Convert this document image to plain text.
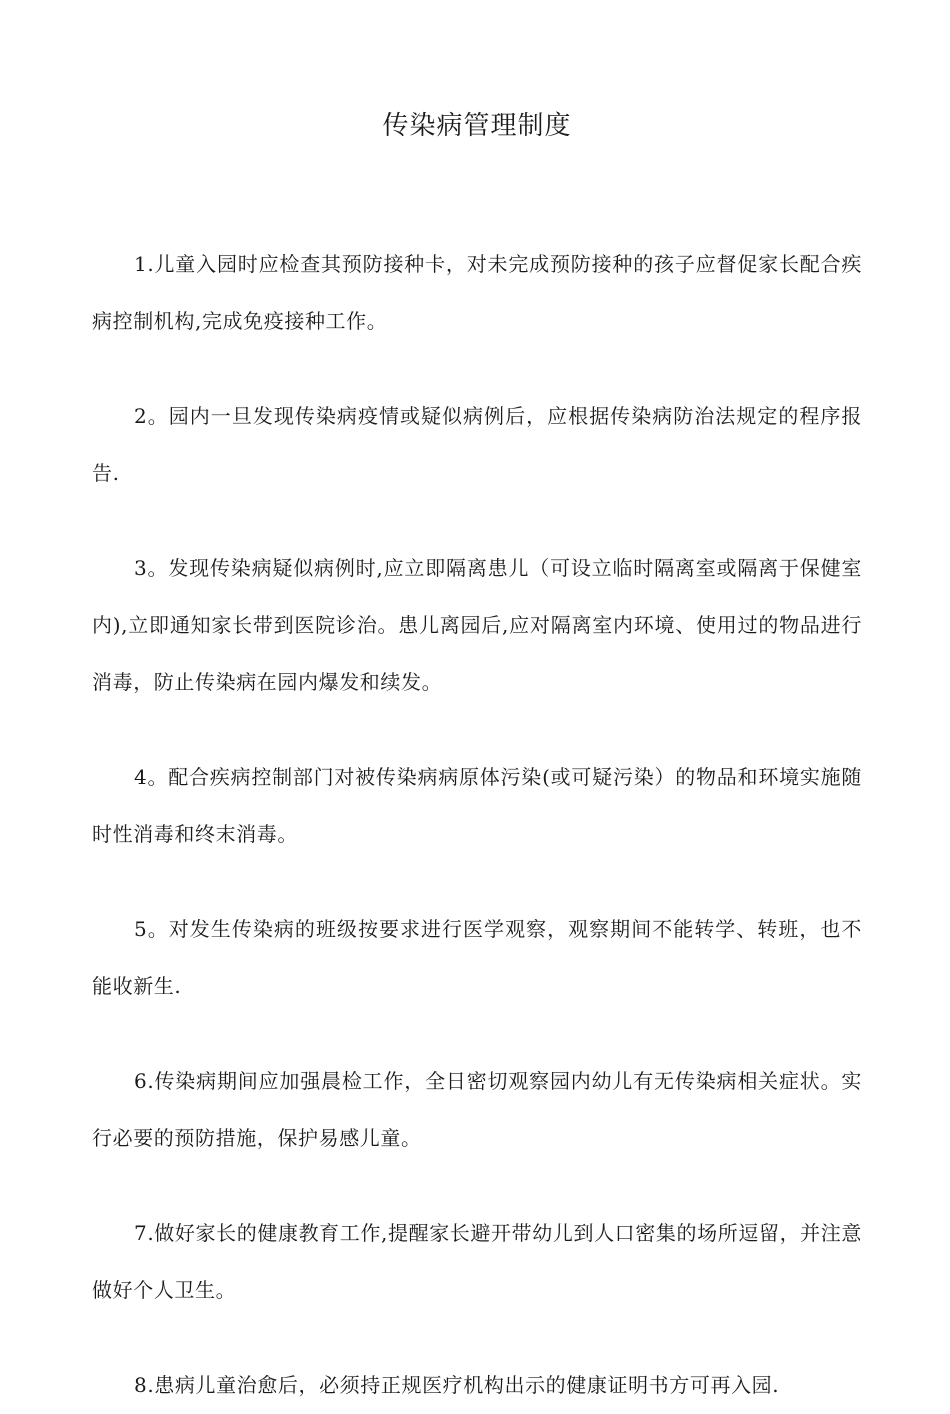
传染病管理制度
1.儿童入园时应检查其预防接种卡，对未完成预防接种的孩子应督促家长配合疾病控制机构,完成免疫接种工作。
2。园内一旦发现传染病疫情或疑似病例后，应根据传染病防治法规定的程序报告.
3。发现传染病疑似病例时,应立即隔离患儿（可设立临时隔离室或隔离于保健室内),立即通知家长带到医院诊治。患儿离园后,应对隔离室内环境、使用过的物品进行消毒，防止传染病在园内爆发和续发。
4。配合疾病控制部门对被传染病病原体污染(或可疑污染）的物品和环境实施随时性消毒和终末消毒。
5。对发生传染病的班级按要求进行医学观察，观察期间不能转学、转班，也不能收新生.
6.传染病期间应加强晨检工作，全日密切观察园内幼儿有无传染病相关症状。实行必要的预防措施，保护易感儿童。
7.做好家长的健康教育工作,提醒家长避开带幼儿到人口密集的场所逗留，并注意做好个人卫生。
8.患病儿童治愈后，必须持正规医疗机构出示的健康证明书方可再入园.
